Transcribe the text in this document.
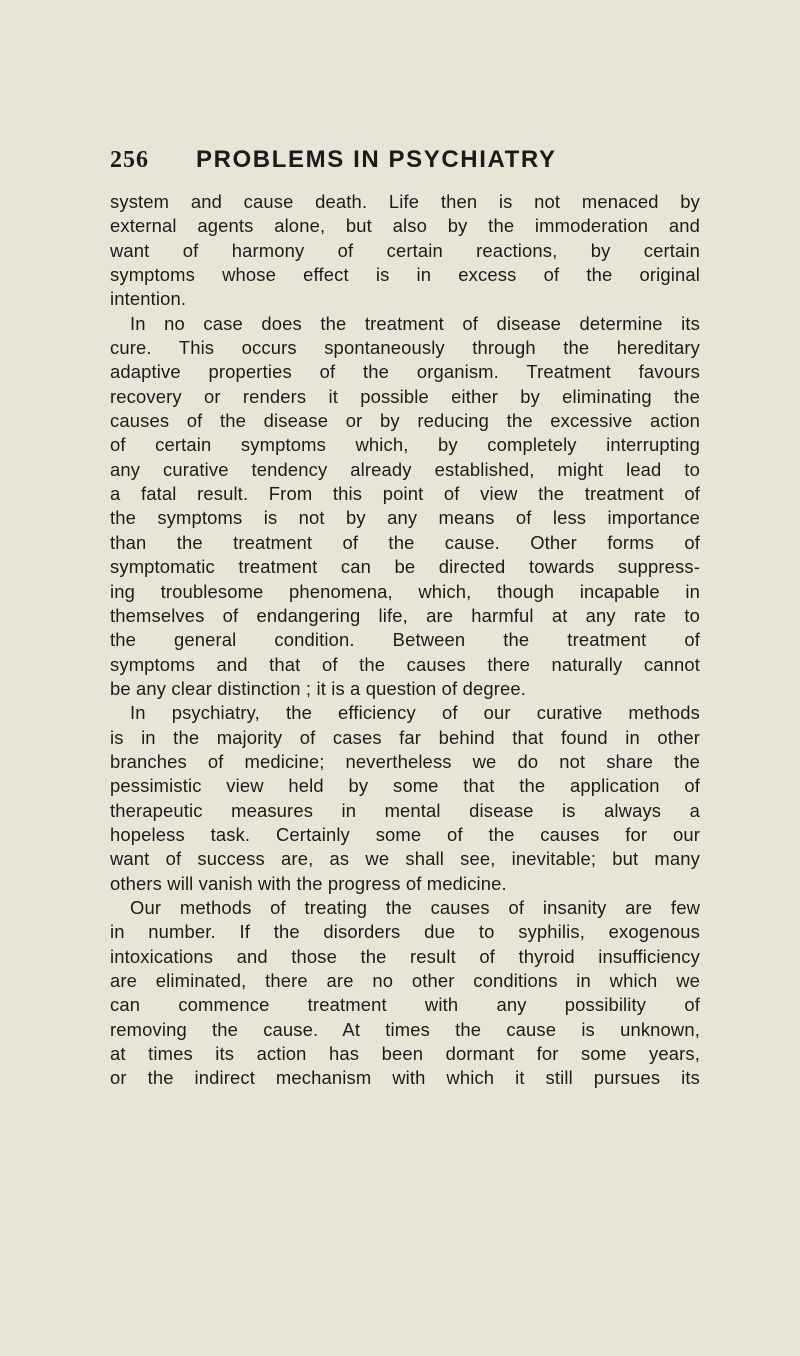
256	PROBLEMS IN PSYCHIATRY
system and cause death. Life then is not menaced by
external agents alone, but also by the immoderation and
want of harmony of certain reactions, by certain
symptoms whose effect is in excess of the original
intention.
In no case does the treatment of disease determine its
cure. This occurs spontaneously through the hereditary
adaptive properties of the organism. Treatment favours
recovery or renders it possible either by eliminating the
causes of the disease or by reducing the excessive action
of certain symptoms which, by completely interrupting
any curative tendency already established, might lead to
a fatal result. From this point of view the treatment of
the symptoms is not by any means of less importance
than the treatment of the cause. Other forms of
symptomatic treatment can be directed towards suppress-
ing troublesome phenomena, which, though incapable in
themselves of endangering life, are harmful at any rate to
the general condition. Between the treatment of
symptoms and that of the causes there naturally cannot
be any clear distinction ; it is a question of degree.
In psychiatry, the efficiency of our curative methods
is in the majority of cases far behind that found in other
branches of medicine; nevertheless we do not share the
pessimistic view held by some that the application of
therapeutic measures in mental disease is always a
hopeless task. Certainly some of the causes for our
want of success are, as we shall see, inevitable; but many
others will vanish with the progress of medicine.
Our methods of treating the causes of insanity are few
in number. If the disorders due to syphilis, exogenous
intoxications and those the result of thyroid insufficiency
are eliminated, there are no other conditions in which we
can commence treatment with any possibility of
removing the cause. At times the cause is unknown,
at times its action has been dormant for some years,
or the indirect mechanism with which it still pursues its
